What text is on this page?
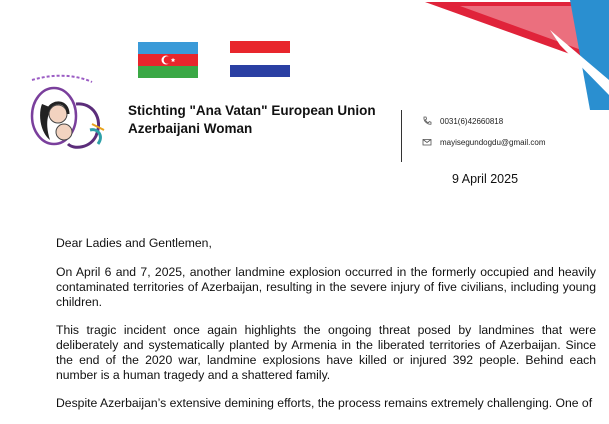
Stichting "Ana Vatan" European Union
Azerbaijani Woman	0031(6)42660818
mayisegundogdu@gmail.com
9 April 2025

Dear Ladies and Gentlemen,

On April 6 and 7, 2025, another landmine explosion occurred in the formerly occupied and heavily contaminated territories of Azerbaijan, resulting in the severe injury of five civilians, including young children.

This tragic incident once again highlights the ongoing threat posed by landmines that were deliberately and systematically planted by Armenia in the liberated territories of Azerbaijan. Since the end of the 2020 war, landmine explosions have killed or injured 392 people. Behind each number is a human tragedy and a shattered family.

Despite Azerbaijan’s extensive demining efforts, the process remains extremely challenging. One of
